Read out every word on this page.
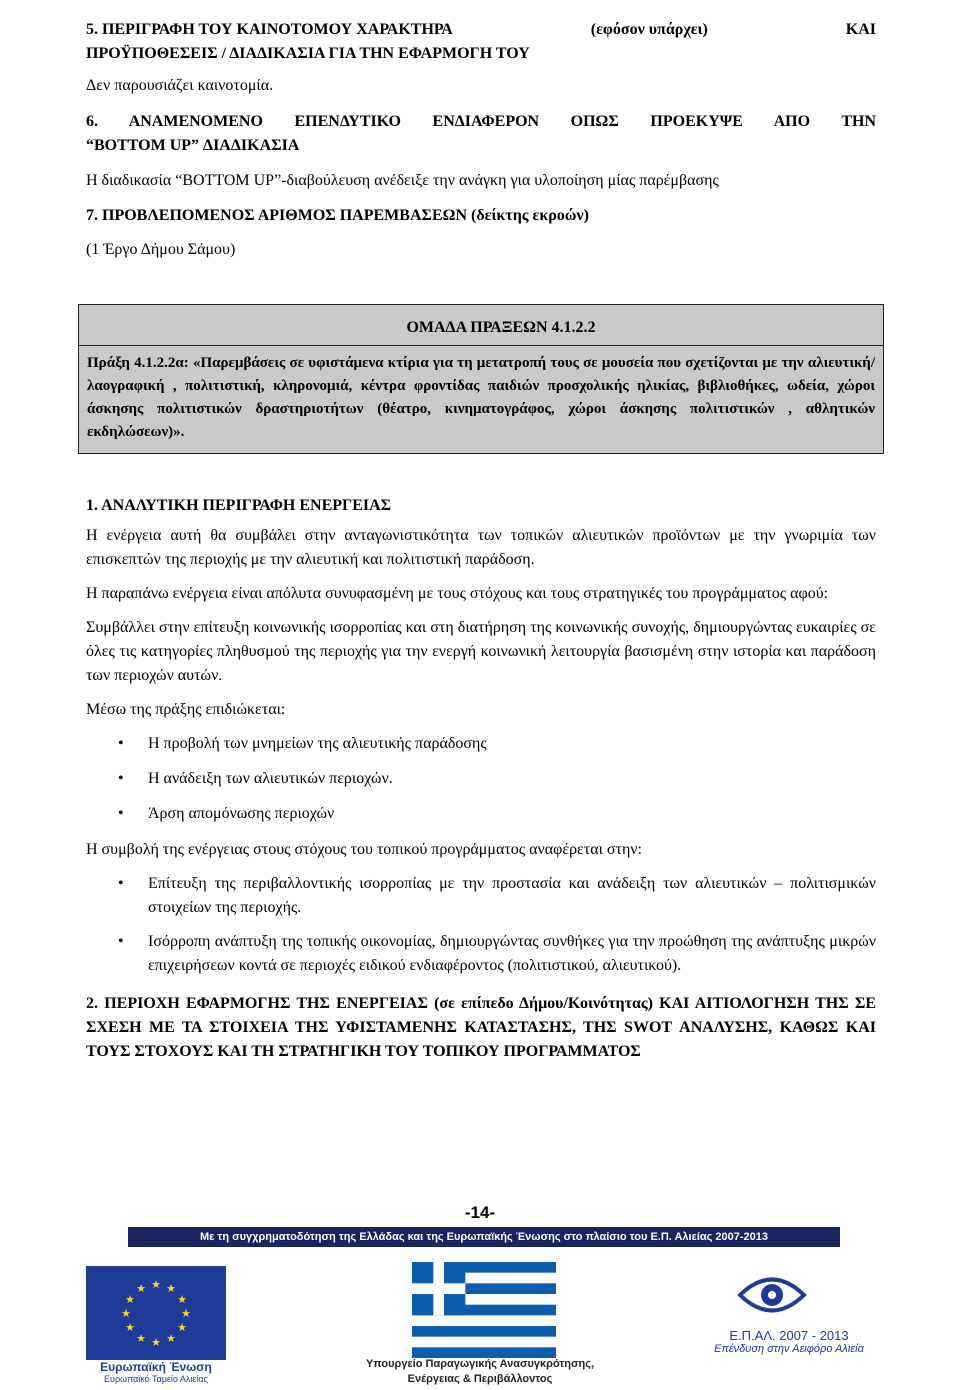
5. ΠΕΡΙΓΡΑΦΗ ΤΟΥ ΚΑΙΝΟΤΟΜΟΥ ΧΑΡΑΚΤΗΡΑ	(εφόσον υπάρχει)	ΚΑΙ

ΠΡΟΫΠΟΘΕΣΕΙΣ / ΔΙΑΔΙΚΑΣΙΑ ΓΙΑ ΤΗΝ ΕΦΑΡΜΟΓΗ ΤΟΥ

Δεν παρουσιάζει καινοτομία.

6. ΑΝΑΜΕΝΟΜΕΝΟ ΕΠΕΝΔΥΤΙΚΟ ΕΝΔΙΑΦΕΡΟΝ ΟΠΩΣ ΠΡΟΕΚΥΨΕ ΑΠΟ ΤΗΝ

“BOTTOM UP” ΔΙΑΔΙΚΑΣΙΑ

Η διαδικασία “BOTTOM UP”-διαβούλευση ανέδειξε την ανάγκη για υλοποίηση μίας παρέμβασης

7. ΠΡΟΒΛΕΠΟΜΕΝΟΣ ΑΡΙΘΜΟΣ ΠΑΡΕΜΒΑΣΕΩΝ (δείκτης εκροών)

(1 Έργο Δήμου Σάμου)

ΟΜΑΔΑ ΠΡΑΞΕΩΝ 4.1.2.2
Πράξη 4.1.2.2α: «Παρεμβάσεις σε υφιστάμενα κτίρια για τη μετατροπή τους σε μουσεία που σχετίζονται με την αλιευτική/λαογραφική , πολιτιστική, κληρονομιά, κέντρα φροντίδας παιδιών προσχολικής ηλικίας, βιβλιοθήκες, ωδεία, χώροι άσκησης πολιτιστικών δραστηριοτήτων (θέατρο, κινηματογράφος, χώροι άσκησης πολιτιστικών , αθλητικών εκδηλώσεων)».

1. ΑΝΑΛΥΤΙΚΗ ΠΕΡΙΓΡΑΦΗ ΕΝΕΡΓΕΙΑΣ

Η ενέργεια αυτή θα συμβάλει στην ανταγωνιστικότητα των τοπικών αλιευτικών προϊόντων με την γνωριμία των επισκεπτών της περιοχής με την αλιευτική και πολιτιστική παράδοση.

Η παραπάνω ενέργεια είναι απόλυτα συνυφασμένη με τους στόχους και τους στρατηγικές του προγράμματος αφού:

Συμβάλλει στην επίτευξη κοινωνικής ισορροπίας και στη διατήρηση της κοινωνικής συνοχής, δημιουργώντας ευκαιρίες σε όλες τις κατηγορίες πληθυσμού της περιοχής για την ενεργή κοινωνική λειτουργία βασισμένη στην ιστορία και παράδοση των περιοχών αυτών.

Μέσω της πράξης επιδιώκεται:

• Η προβολή των μνημείων της αλιευτικής παράδοσης
• Η ανάδειξη των αλιευτικών περιοχών.
• Άρση απομόνωσης περιοχών

Η συμβολή της ενέργειας στους στόχους του τοπικού προγράμματος αναφέρεται στην:

• Επίτευξη της περιβαλλοντικής ισορροπίας με την προστασία και ανάδειξη των αλιευτικών – πολιτισμικών στοιχείων της περιοχής.
• Ισόρροπη ανάπτυξη της τοπικής οικονομίας, δημιουργώντας συνθήκες για την προώθηση της ανάπτυξης μικρών επιχειρήσεων κοντά σε περιοχές ειδικού ενδιαφέροντος (πολιτιστικού, αλιευτικού).

2. ΠΕΡΙΟΧΗ ΕΦΑΡΜΟΓΗΣ ΤΗΣ ΕΝΕΡΓΕΙΑΣ (σε επίπεδο Δήμου/Κοινότητας) ΚΑΙ ΑΙΤΙΟΛΟΓΗΣΗ ΤΗΣ ΣΕ ΣΧΕΣΗ ΜΕ ΤΑ ΣΤΟΙΧΕΙΑ ΤΗΣ ΥΦΙΣΤΑΜΕΝΗΣ ΚΑΤΑΣΤΑΣΗΣ, ΤΗΣ SWOT ΑΝΑΛΥΣΗΣ, ΚΑΘΩΣ ΚΑΙ ΤΟΥΣ ΣΤΟΧΟΥΣ ΚΑΙ ΤΗ ΣΤΡΑΤΗΓΙΚΗ ΤΟΥ ΤΟΠΙΚΟΥ ΠΡΟΓΡΑΜΜΑΤΟΣ

-14-
Με τη συγχρηματοδότηση της Ελλάδας και της Ευρωπαϊκής Ένωσης στο πλαίσιο του Ε.Π. Αλιείας 2007-2013
★ ★
★
★
★
★
★
★
★
★
★
★
Ευρωπαϊκή Ένωση
Ευρωπαϊκό Ταμείο Αλιείας
Υπουργείο Παραγωγικής Ανασυγκρότησης,
Ενέργειας & Περιβάλλοντος
Ε.Π.ΑΛ. 2007 - 2013
Επένδυση στην Αειφόρο Αλιεία
